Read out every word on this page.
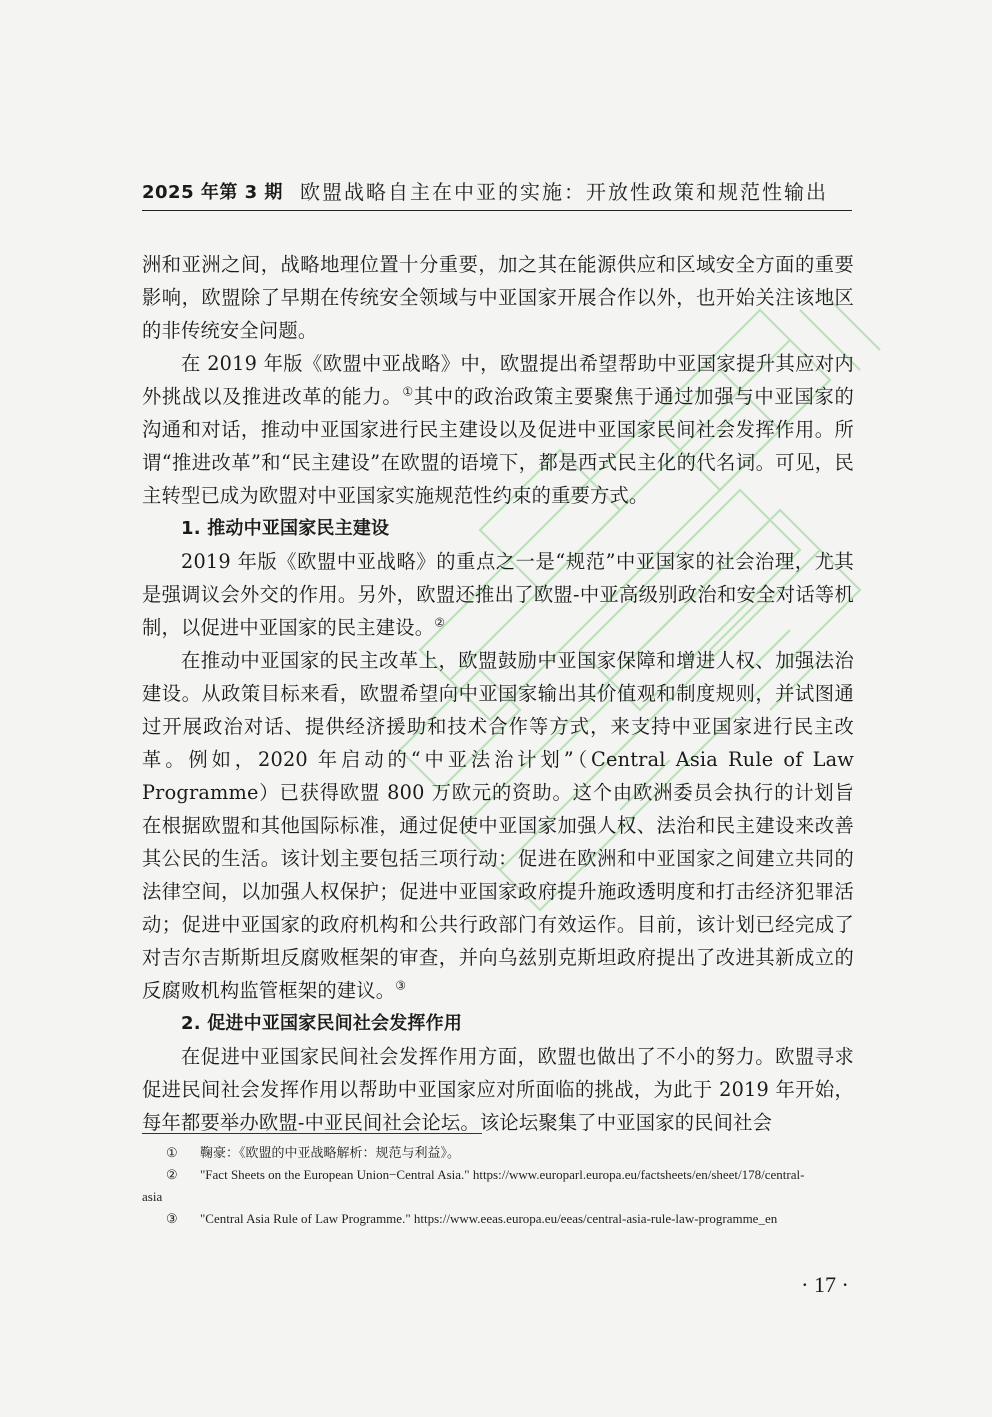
2025 年第 3 期 欧盟战略自主在中亚的实施：开放性政策和规范性输出

洲和亚洲之间，战略地理位置十分重要，加之其在能源供应和区域安全方面的重要影响，欧盟除了早期在传统安全领域与中亚国家开展合作以外，也开始关注该地区的非传统安全问题。

在 2019 年版《欧盟中亚战略》中，欧盟提出希望帮助中亚国家提升其应对内外挑战以及推进改革的能力。①其中的政治政策主要聚焦于通过加强与中亚国家的沟通和对话，推动中亚国家进行民主建设以及促进中亚国家民间社会发挥作用。所谓“推进改革”和“民主建设”在欧盟的语境下，都是西式民主化的代名词。可见，民主转型已成为欧盟对中亚国家实施规范性约束的重要方式。

1. 推动中亚国家民主建设

2019 年版《欧盟中亚战略》的重点之一是“规范”中亚国家的社会治理，尤其是强调议会外交的作用。另外，欧盟还推出了欧盟-中亚高级别政治和安全对话等机制，以促进中亚国家的民主建设。②

在推动中亚国家的民主改革上，欧盟鼓励中亚国家保障和增进人权、加强法治建设。从政策目标来看，欧盟希望向中亚国家输出其价值观和制度规则，并试图通过开展政治对话、提供经济援助和技术合作等方式，来支持中亚国家进行民主改革。例如，2020 年启动的“中亚法治计划”（Central Asia Rule of Law Programme）已获得欧盟 800 万欧元的资助。这个由欧洲委员会执行的计划旨在根据欧盟和其他国际标准，通过促使中亚国家加强人权、法治和民主建设来改善其公民的生活。该计划主要包括三项行动：促进在欧洲和中亚国家之间建立共同的法律空间，以加强人权保护；促进中亚国家政府提升施政透明度和打击经济犯罪活动；促进中亚国家的政府机构和公共行政部门有效运作。目前，该计划已经完成了对吉尔吉斯斯坦反腐败框架的审查，并向乌兹别克斯坦政府提出了改进其新成立的反腐败机构监管框架的建议。③

2. 促进中亚国家民间社会发挥作用

在促进中亚国家民间社会发挥作用方面，欧盟也做出了不小的努力。欧盟寻求促进民间社会发挥作用以帮助中亚国家应对所面临的挑战，为此于 2019 年开始，每年都要举办欧盟-中亚民间社会论坛。该论坛聚集了中亚国家的民间社会

① 鞠豪：《欧盟的中亚战略解析：规范与利益》。

② "Fact Sheets on the European Union−Central Asia." https://www.europarl.europa.eu/factsheets/en/sheet/178/central-

asia

③ "Central Asia Rule of Law Programme." https://www.eeas.europa.eu/eeas/central-asia-rule-law-programme_en

· 17 ·
